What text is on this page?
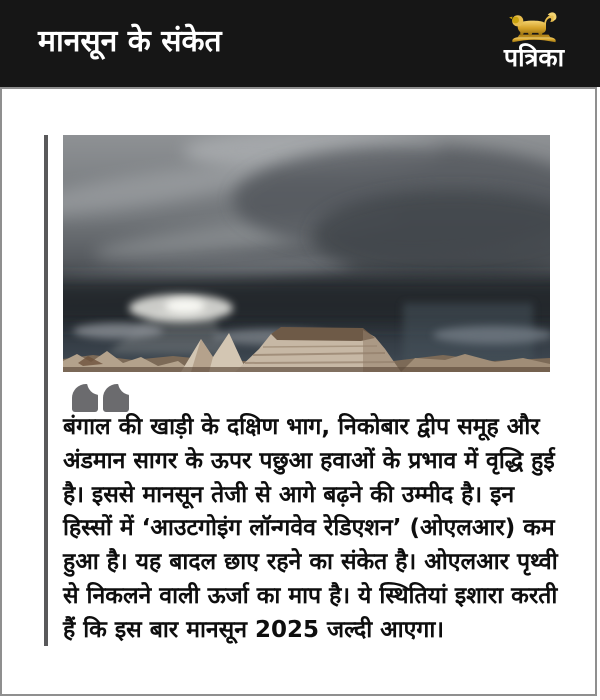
मानसून के संकेत	पत्रिका

बंगाल की खाड़ी के दक्षिण भाग, निकोबार द्वीप समूह और अंडमान सागर के ऊपर पछुआ हवाओं के प्रभाव में वृद्धि हुई है। इससे मानसून तेजी से आगे बढ़ने की उम्मीद है। इन हिस्सों में ‘आउटगोइंग लॉन्गवेव रेडिएशन’ (ओएलआर) कम हुआ है। यह बादल छाए रहने का संकेत है। ओएलआर पृथ्वी से निकलने वाली ऊर्जा का माप है। ये स्थितियां इशारा करती हैं कि इस बार मानसून 2025 जल्दी आएगा।
